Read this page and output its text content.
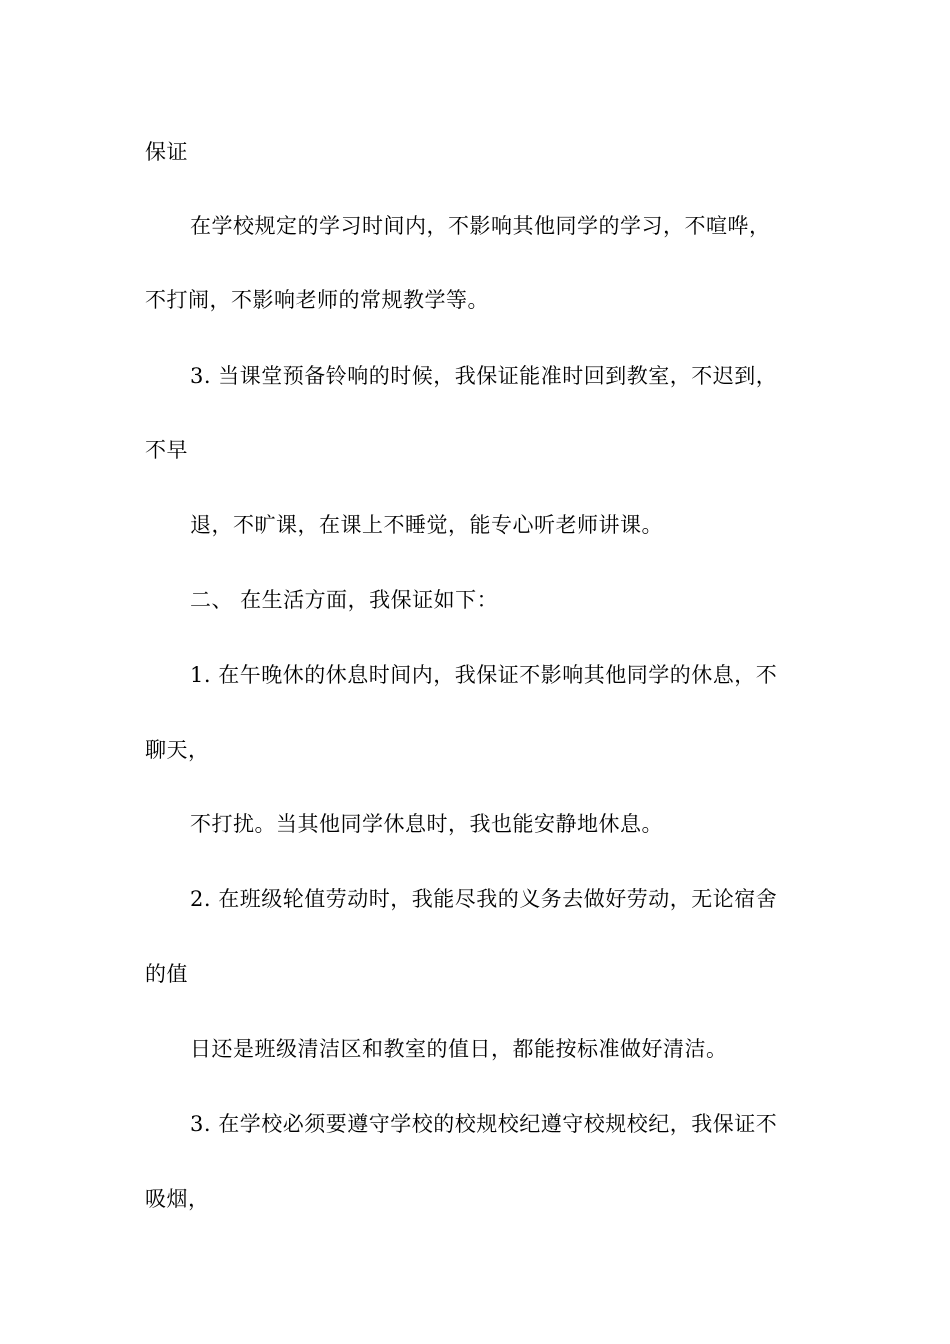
保证
在学校规定的学习时间内，不影响其他同学的学习，不喧哗，
不打闹，不影响老师的常规教学等。
3. 当课堂预备铃响的时候，我保证能准时回到教室，不迟到，
不早
退，不旷课，在课上不睡觉，能专心听老师讲课。
二、 在生活方面，我保证如下：
1. 在午晚休的休息时间内，我保证不影响其他同学的休息，不
聊天，
不打扰。当其他同学休息时，我也能安静地休息。
2. 在班级轮值劳动时，我能尽我的义务去做好劳动，无论宿舍
的值
日还是班级清洁区和教室的值日，都能按标准做好清洁。
3. 在学校必须要遵守学校的校规校纪遵守校规校纪，我保证不
吸烟，
